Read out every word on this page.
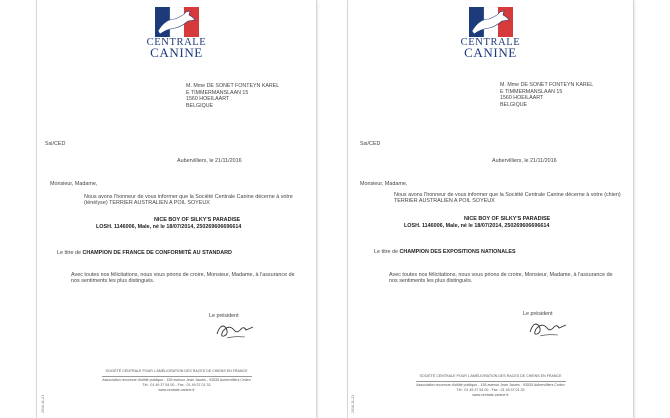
CENTRALE
CANINE
M. Mme DE SONET FONTEYN KAREL
E TIMMERMANSLAAN 15
1560 HOEILAART
BELGIQUE
Ssi/CED
Aubervilliers, le 21/11/2016
Monsieur, Madame,
Nous avons l'honneur de vous informer que la Société Centrale Canine décerne à votre (ténèlyse) TERRIER AUSTRALIEN A POIL SOYEUX
NICE BOY OF SILKY'S PARADISE
LOSH. 1146006, Male, né le 18/07/2014, 250269606696614
Le titre de CHAMPION DE FRANCE DE CONFORMITÉ AU STANDARD
Avec toutes nos félicitations, nous vous prions de croire, Monsieur, Madame, à l'assurance de nos sentiments les plus distingués.
Le président
SOCIÉTÉ CENTRALE POUR L'AMÉLIORATION DES RACES DE CHIENS EN FRANCE
Association reconnue d'utilité publique - 155 avenue Jean Jaurès - 93535 Aubervilliers Cedex
Tél : 01 49 37 54 00 - Fax : 01 49 37 01 33
www.centrale-canine.fr
2016-11-21
CENTRALE
CANINE
M. Mme DE SONET FONTEYN KAREL
E TIMMERMANSLAAN 15
1560 HOEILAART
BELGIQUE
Ssi/CED
Aubervilliers, le 21/11/2016
Monsieur, Madame,
Nous avons l'honneur de vous informer que la Société Centrale Canine décerne à votre (chien) TERRIER AUSTRALIEN A POIL SOYEUX
NICE BOY OF SILKY'S PARADISE
LOSH. 1146006, Male, né le 18/07/2014, 250269606696614
Le titre de CHAMPION DES EXPOSITIONS NATIONALES
Avec toutes nos félicitations, nous vous prions de croire, Monsieur, Madame, à l'assurance de nos sentiments les plus distingués.
Le président
SOCIÉTÉ CENTRALE POUR L'AMÉLIORATION DES RACES DE CHIENS EN FRANCE
Association reconnue d'utilité publique - 155 avenue Jean Jaurès - 93535 Aubervilliers Cedex
Tél : 01 49 37 54 00 - Fax : 01 49 37 01 33
www.centrale-canine.fr
2016-11-21
